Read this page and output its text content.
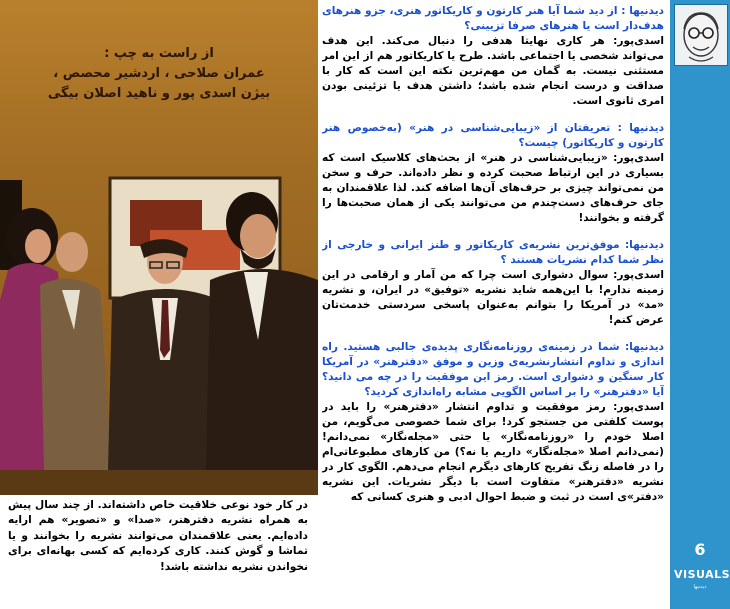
از راست به چپ :
عمران صلاحی ، اردشیر محصص ،
بیژن اسدی پور و ناهید اصلان بیگی
در کار خود نوعی خلاقیت خاص داشته‌اند. از چند سال پیش به همراه نشریه دفترهنر، «صدا» و «تصویر» هم ارایه داده‌ایم. یعنی علاقمندان می‌توانند نشریه را بخوانند و یا تماشا و گوش کنند. کاری کرده‌ایم که کسی بهانه‌ای برای نخواندن نشریه نداشته باشد!

دیدنیها : از دید شما آیا هنر کارتون و کاریکاتور هنری، جزو هنرهای هدف‌دار است یا هنرهای صرفا تزیینی؟

اسدی‌پور: هر کاری نهایتا هدفی را دنبال می‌کند. این هدف می‌تواند شخصی یا اجتماعی باشد. طرح یا کاریکاتور هم از این امر مستثنی نیست. به گمان من مهم‌ترین نکته این است که کار با صداقت و درست انجام شده باشد؛ داشتن هدف یا تزئینی بودن امری ثانوی است.

دیدنیها : تعریفتان از «زیبایی‌شناسی در هنر» (به‌خصوص هنر کارتون و کاریکاتور) چیست؟

اسدی‌پور: «زیبایی‌شناسی در هنر» از بحث‌های کلاسیک است که بسیاری در این ارتباط صحبت کرده و نظر داده‌اند. حرف و سخن من نمی‌تواند چیزی بر حرف‌های آن‌ها اضافه کند. لذا علاقمندان به جای حرف‌های دست‌چندم من می‌توانند یکی از همان صحبت‌ها را گرفته و بخوانند!

دیدنیها: موفق‌ترین نشریه‌ی کاریکاتور و طنز ایرانی و خارجی از نظر شما کدام نشریات هستند ؟

اسدی‌پور: سوال دشواری است چرا که من آمار و ارقامی در این زمینه ندارم! با این‌همه شاید نشریه «توفیق» در ایران، و نشریه «مد» در آمریکا را بتوانم به‌عنوان پاسخی سردستی خدمت‌تان عرض کنم!

دیدنیها: شما در زمینه‌ی روزنامه‌نگاری پدیده‌ی جالبی هستید. راه اندازی و تداوم انتشارنشریه‌ی وزین و موفق «دفترهنر» در آمریکا کار سنگین و دشواری است. رمز این موفقیت را در چه می دانید؟ آیا «دفترهنر» را بر اساس الگویی مشابه راه‌اندازی کردید؟

اسدی‌پور: رمز موفقیت و تداوم انتشار «دفترهنر» را باید در پوست کلفتی من جستجو کرد! برای شما خصوصی می‌گویم، من اصلا خودم را «روزنامه‌نگار» یا حتی «مجله‌نگار» نمی‌دانم! (نمی‌دانم اصلا «مجله‌نگار» داریم یا نه؟) من کارهای مطبوعاتی‌ام را در فاصله زنگ تفریح کارهای دیگرم انجام می‌دهم. الگوی کار در نشریه «دفترهنر» متفاوت است با دیگر نشریات. این نشریه «دفتر»ی است در ثبت و ضبط احوال ادبی و هنری کسانی که

6
VISUALS
دیدنیها
